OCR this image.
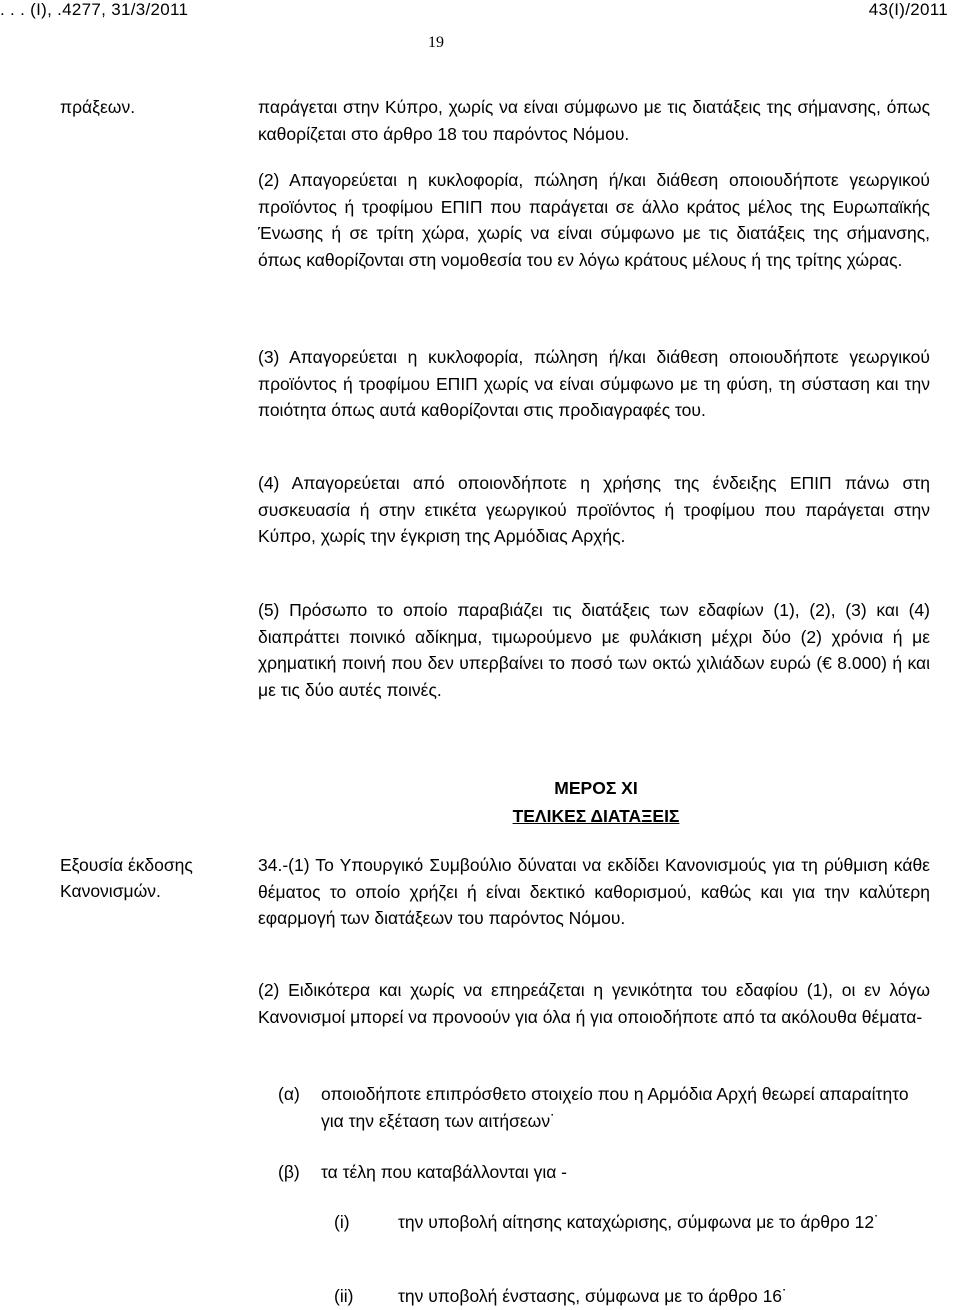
. . . (Ι), .4277, 31/3/2011	43(Ι)/2011
19
πράξεων.	παράγεται στην Κύπρο, χωρίς να είναι σύμφωνο με τις διατάξεις της σήμανσης, όπως καθορίζεται στο άρθρο 18 του παρόντος Νόμου.
(2) Απαγορεύεται η κυκλοφορία, πώληση ή/και διάθεση οποιουδήποτε γεωργικού προϊόντος ή τροφίμου ΕΠΙΠ που παράγεται σε άλλο κράτος μέλος της Ευρωπαϊκής Ένωσης ή σε τρίτη χώρα, χωρίς να είναι σύμφωνο με τις διατάξεις της σήμανσης, όπως καθορίζονται στη νομοθεσία του εν λόγω κράτους μέλους ή της τρίτης χώρας.
(3) Απαγορεύεται η κυκλοφορία, πώληση ή/και διάθεση οποιουδήποτε γεωργικού προϊόντος ή τροφίμου ΕΠΙΠ χωρίς να είναι σύμφωνο με τη φύση, τη σύσταση και την ποιότητα όπως αυτά καθορίζονται στις προδιαγραφές του.
(4) Απαγορεύεται από οποιονδήποτε η χρήσης της ένδειξης ΕΠΙΠ πάνω στη συσκευασία ή στην ετικέτα γεωργικού προϊόντος ή τροφίμου που παράγεται στην Κύπρο, χωρίς την έγκριση της Αρμόδιας Αρχής.
(5) Πρόσωπο το οποίο παραβιάζει τις διατάξεις των εδαφίων (1), (2), (3) και (4) διαπράττει ποινικό αδίκημα, τιμωρούμενο με φυλάκιση μέχρι δύο (2) χρόνια ή με χρηματική ποινή που δεν υπερβαίνει το ποσό των οκτώ χιλιάδων ευρώ (€ 8.000) ή και με τις δύο αυτές ποινές.
ΜΕΡΟΣ XI
ΤΕΛΙΚΕΣ ΔΙΑΤΑΞΕΙΣ
Εξουσία έκδοσης Κανονισμών.
34.-(1) Το Υπουργικό Συμβούλιο δύναται να εκδίδει Κανονισμούς για τη ρύθμιση κάθε θέματος το οποίο χρήζει ή είναι δεκτικό καθορισμού, καθώς και για την καλύτερη εφαρμογή των διατάξεων του παρόντος Νόμου.
(2) Ειδικότερα και χωρίς να επηρεάζεται η γενικότητα του εδαφίου (1), οι εν λόγω Κανονισμοί μπορεί να προνοούν για όλα ή για οποιοδήποτε από τα ακόλουθα θέματα-
(α) οποιοδήποτε επιπρόσθετο στοιχείο που η Αρμόδια Αρχή θεωρεί απαραίτητο για την εξέταση των αιτήσεων˙
(β) τα τέλη που καταβάλλονται για -
(i)	την υποβολή αίτησης καταχώρισης, σύμφωνα με το άρθρο 12˙
(ii)	την υποβολή ένστασης, σύμφωνα με το άρθρο 16˙
